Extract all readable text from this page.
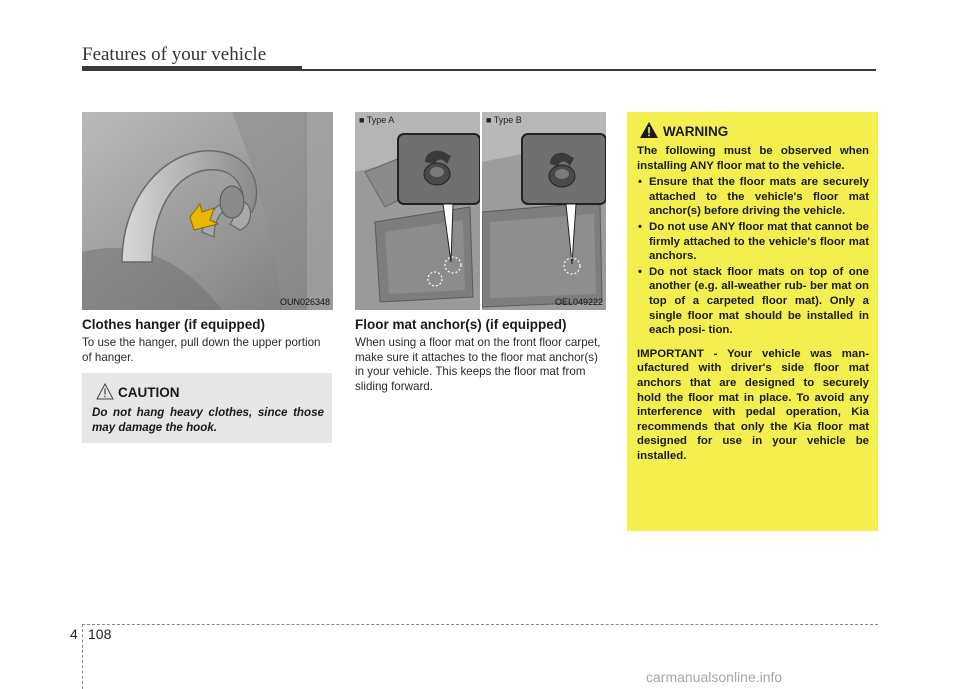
Features of your vehicle
OUN026348
Clothes hanger (if equipped)
To use the hanger, pull down the upper portion of hanger.
CAUTION
Do not hang heavy clothes, since those may damage the hook.
■ Type A	■ Type B
OEL049222
Floor mat anchor(s) (if equipped)
When using a floor mat on the front floor carpet, make sure it attaches to the floor mat anchor(s) in your vehicle. This keeps the floor mat from sliding forward.
WARNING

The following must be observed when installing ANY floor mat to the vehicle.

• Ensure that the floor mats are securely attached to the vehicle's floor mat anchor(s) before driving the vehicle.
• Do not use ANY floor mat that cannot be firmly attached to the vehicle's floor mat anchors.
• Do not stack floor mats on top of one another (e.g. all-weather rub- ber mat on top of a carpeted floor mat). Only a single floor mat should be installed in each posi- tion.

IMPORTANT - Your vehicle was man- ufactured with driver's side floor mat anchors that are designed to securely hold the floor mat in place. To avoid any interference with pedal operation, Kia recommends that only the Kia floor mat designed for use in your vehicle be installed.

4 108
carmanualsonline.info
